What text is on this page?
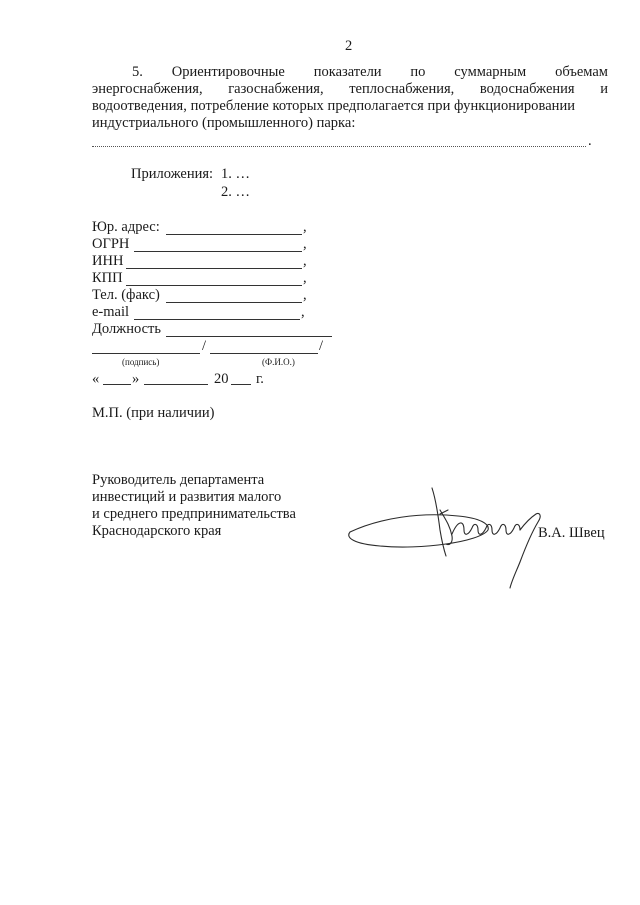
2
5. Ориентировочные показатели по суммарным объемам
энергоснабжения, газоснабжения, теплоснабжения, водоснабжения и
водоотведения, потребление которых предполагается при функционировании
индустриального (промышленного) парка:
.
Приложения: 1. …
2. …
Юр. адрес:	,
ОГРН	,
ИНН	,
КПП	,
Тел. (факс)	,
e-mail	,
Должность
/	/
(подпись)	(Ф.И.О.)
« »	20 г.
М.П. (при наличии)
Руководитель департамента
инвестиций и развития малого
и среднего предпринимательства
Краснодарского края	В.А. Швец
